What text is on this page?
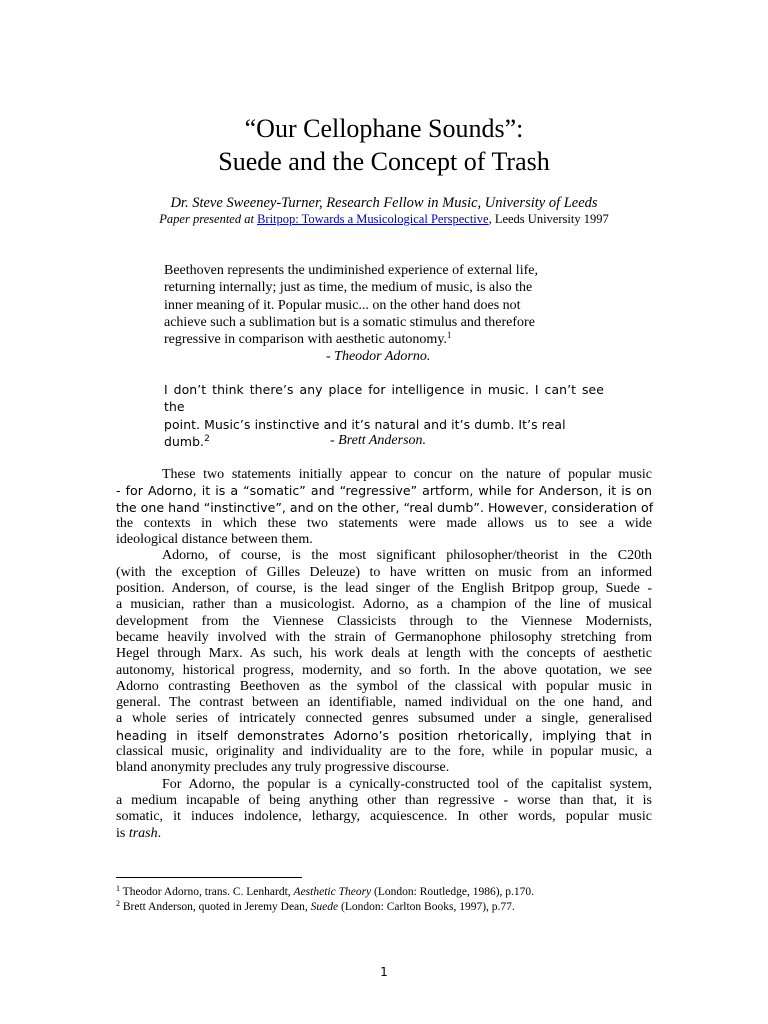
“Our Cellophane Sounds”:
Suede and the Concept of Trash
Dr. Steve Sweeney-Turner, Research Fellow in Music, University of Leeds
Paper presented at Britpop: Towards a Musicological Perspective, Leeds University 1997
Beethoven represents the undiminished experience of external life,
returning internally; just as time, the medium of music, is also the
inner meaning of it. Popular music... on the other hand does not
achieve such a sublimation but is a somatic stimulus and therefore
regressive in comparison with aesthetic autonomy.$^1$
- Theodor Adorno.
I don’t think there’s any place for intelligence in music. I can’t see the
point. Music’s instinctive and it’s natural and it’s dumb. It’s real
dumb.$^2$	- Brett Anderson.
These two statements initially appear to concur on the nature of popular music
- for Adorno, it is a “somatic” and “regressive” artform, while for Anderson, it is on
the one hand “instinctive”, and on the other, “real dumb”. However, consideration of
the contexts in which these two statements were made allows us to see a wide
ideological distance between them.
Adorno, of course, is the most significant philosopher/theorist in the C20th
(with the exception of Gilles Deleuze) to have written on music from an informed
position. Anderson, of course, is the lead singer of the English Britpop group, Suede -
a musician, rather than a musicologist. Adorno, as a champion of the line of musical
development from the Viennese Classicists through to the Viennese Modernists,
became heavily involved with the strain of Germanophone philosophy stretching from
Hegel through Marx. As such, his work deals at length with the concepts of aesthetic
autonomy, historical progress, modernity, and so forth. In the above quotation, we see
Adorno contrasting Beethoven as the symbol of the classical with popular music in
general. The contrast between an identifiable, named individual on the one hand, and
a whole series of intricately connected genres subsumed under a single, generalised
heading in itself demonstrates Adorno’s position rhetorically, implying that in
classical music, originality and individuality are to the fore, while in popular music, a
bland anonymity precludes any truly progressive discourse.
For Adorno, the popular is a cynically-constructed tool of the capitalist system,
a medium incapable of being anything other than regressive - worse than that, it is
somatic, it induces indolence, lethargy, acquiescence. In other words, popular music
is trash.
$^1$ Theodor Adorno, trans. C. Lenhardt, Aesthetic Theory (London: Routledge, 1986), p.170.
$^2$ Brett Anderson, quoted in Jeremy Dean, Suede (London: Carlton Books, 1997), p.77.
1
